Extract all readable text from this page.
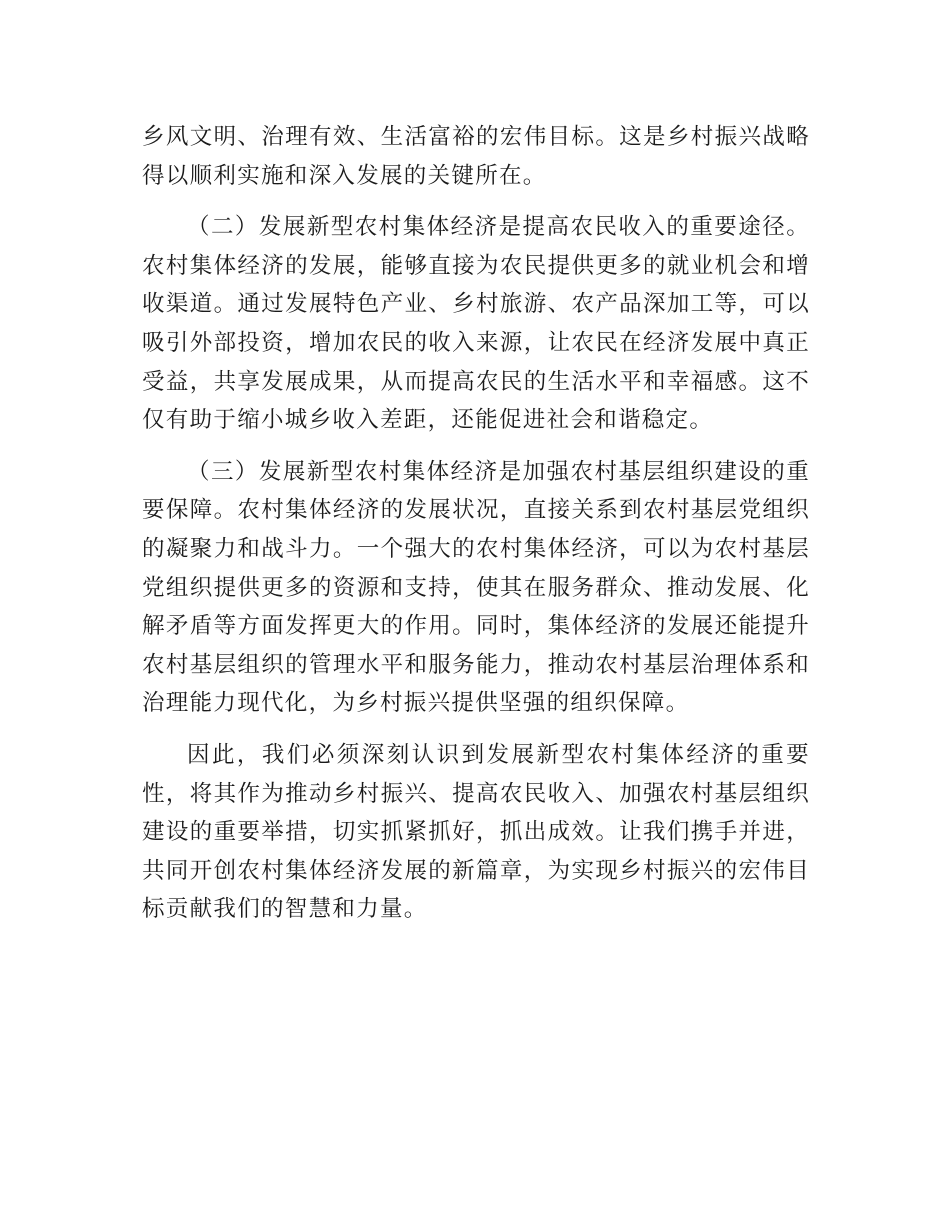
乡风文明、治理有效、生活富裕的宏伟目标。这是乡村振兴战略得以顺利实施和深入发展的关键所在。

（二）发展新型农村集体经济是提高农民收入的重要途径。农村集体经济的发展，能够直接为农民提供更多的就业机会和增收渠道。通过发展特色产业、乡村旅游、农产品深加工等，可以吸引外部投资，增加农民的收入来源，让农民在经济发展中真正受益，共享发展成果，从而提高农民的生活水平和幸福感。这不仅有助于缩小城乡收入差距，还能促进社会和谐稳定。

（三）发展新型农村集体经济是加强农村基层组织建设的重要保障。农村集体经济的发展状况，直接关系到农村基层党组织的凝聚力和战斗力。一个强大的农村集体经济，可以为农村基层党组织提供更多的资源和支持，使其在服务群众、推动发展、化解矛盾等方面发挥更大的作用。同时，集体经济的发展还能提升农村基层组织的管理水平和服务能力，推动农村基层治理体系和治理能力现代化，为乡村振兴提供坚强的组织保障。

因此，我们必须深刻认识到发展新型农村集体经济的重要性，将其作为推动乡村振兴、提高农民收入、加强农村基层组织建设的重要举措，切实抓紧抓好，抓出成效。让我们携手并进，共同开创农村集体经济发展的新篇章，为实现乡村振兴的宏伟目标贡献我们的智慧和力量。
